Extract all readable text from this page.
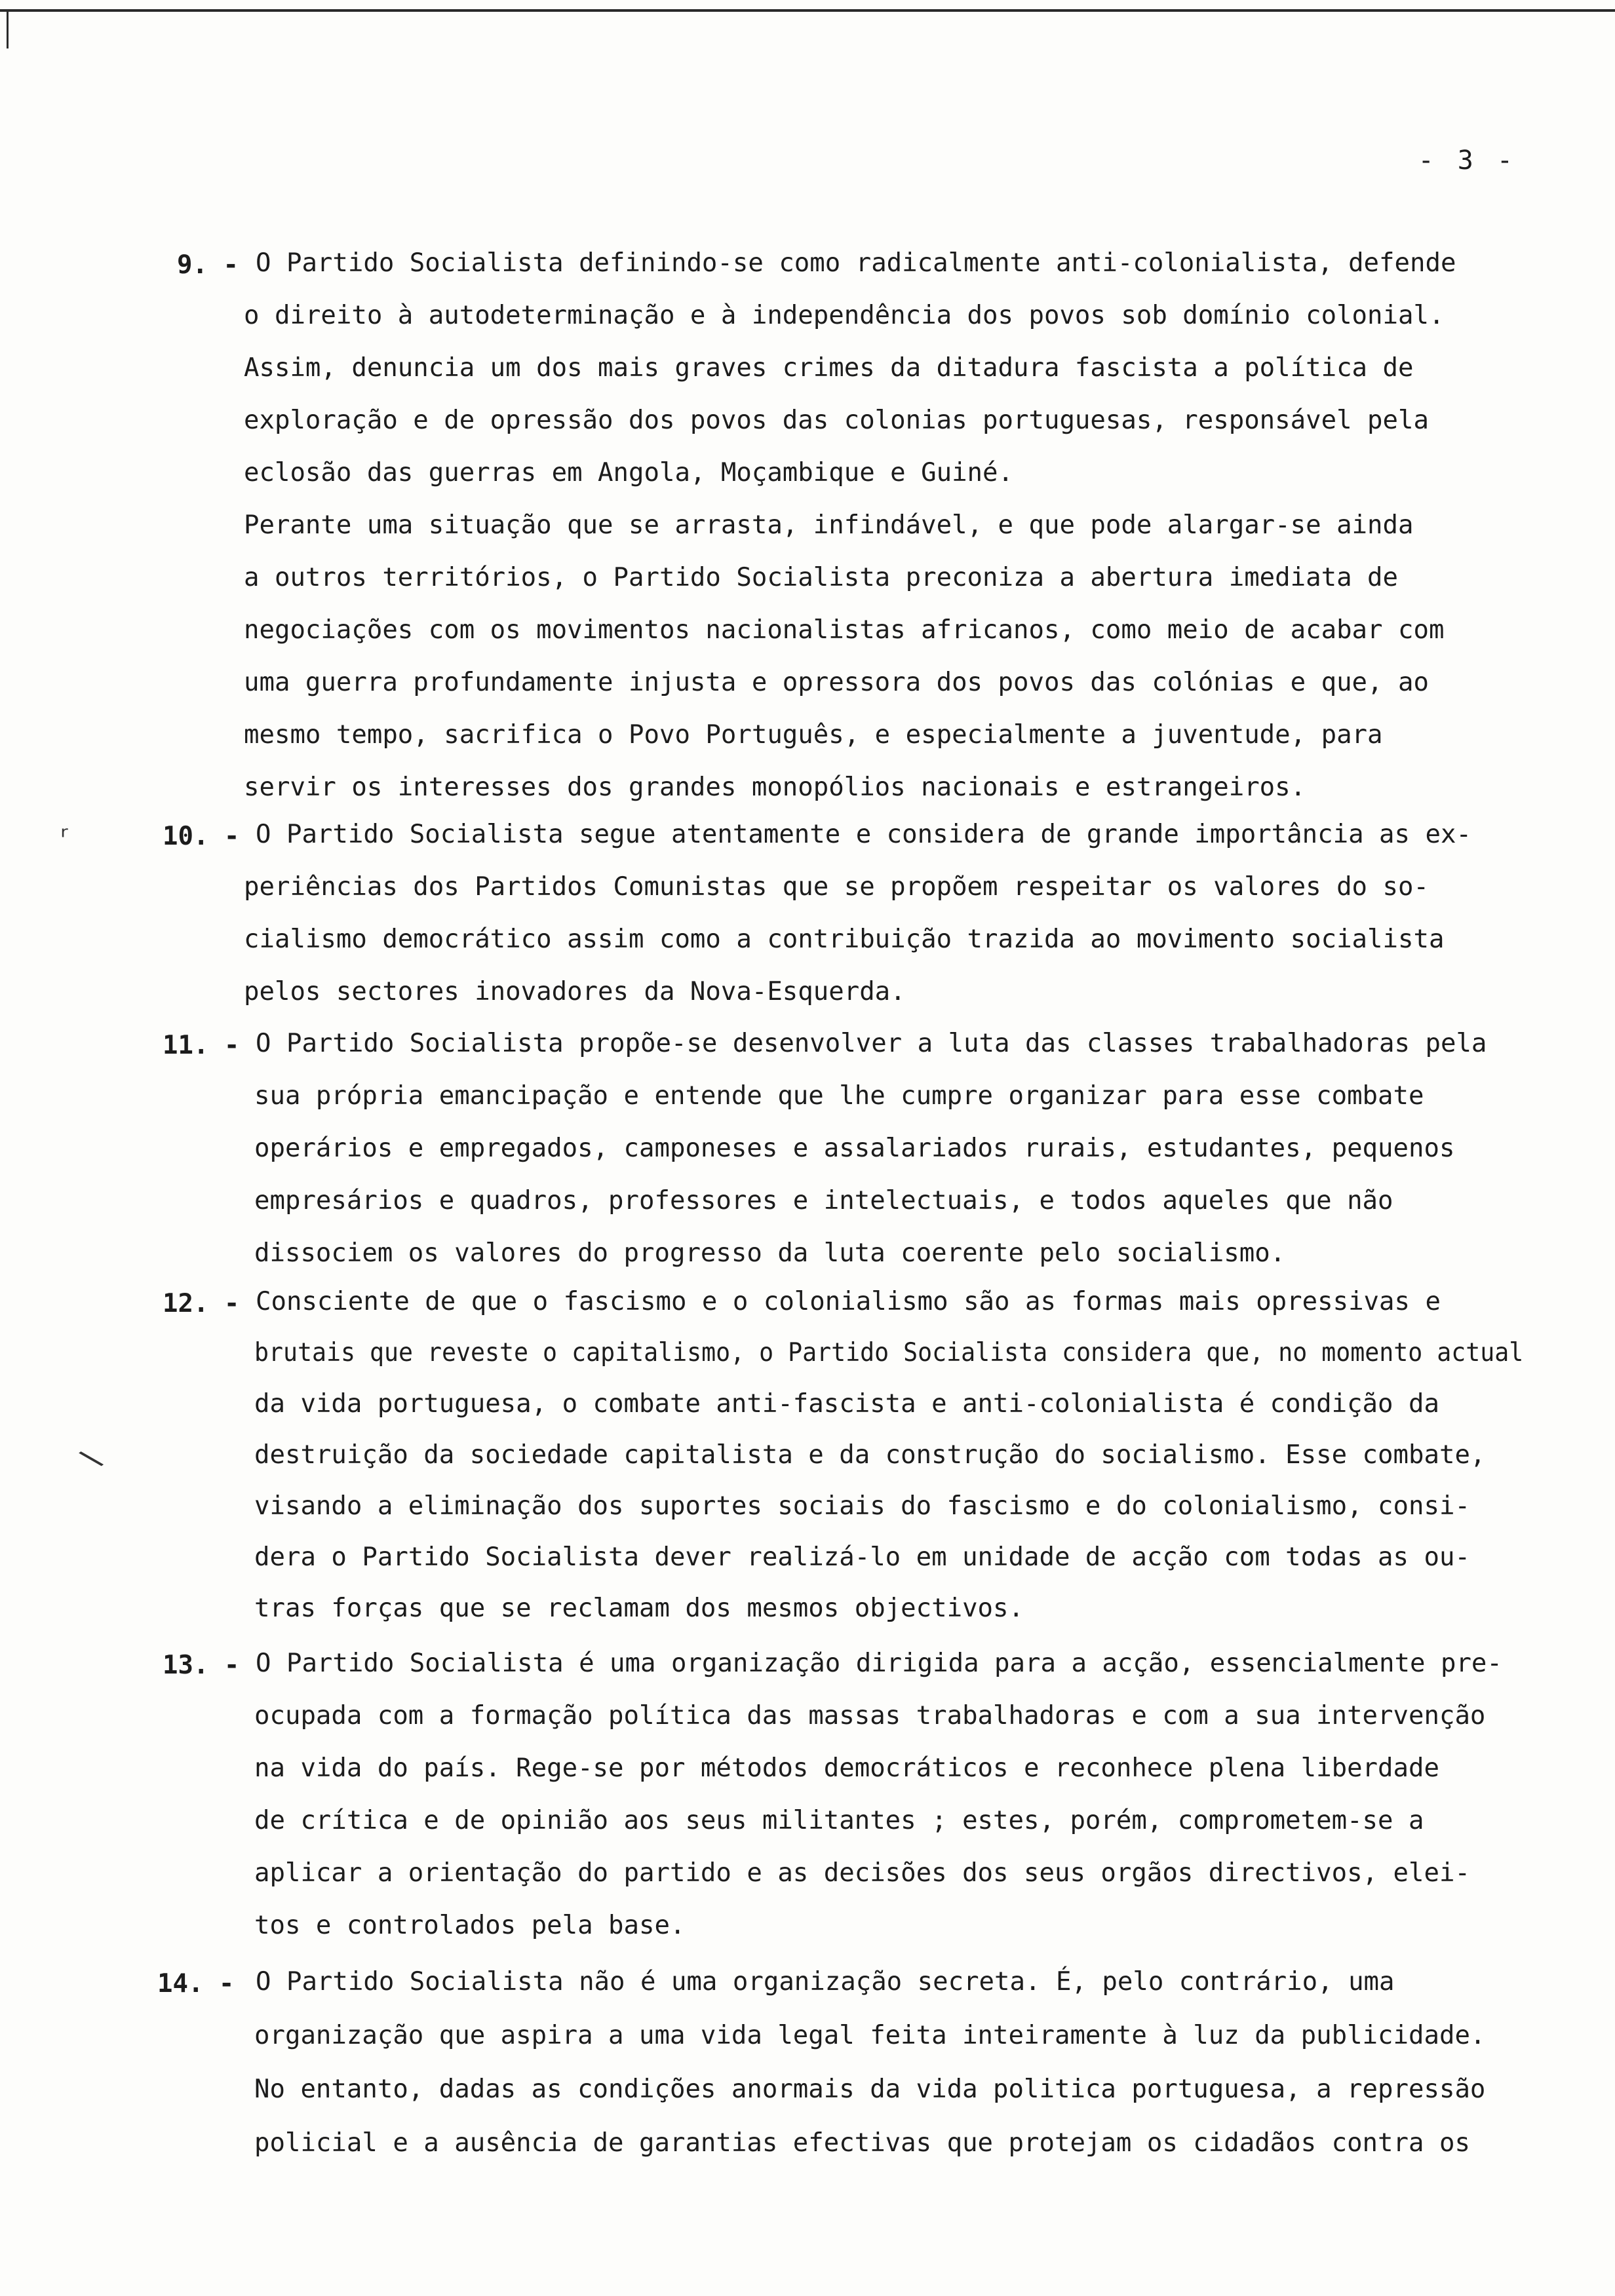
- 3 -
ʳ
\
9. - O Partido Socialista definindo-se como radicalmente anti-colonialista, defende
o direito à autodeterminação e à independência dos povos sob domínio colonial.
Assim, denuncia um dos mais graves crimes da ditadura fascista a política de
exploração e de opressão dos povos das colonias portuguesas, responsável pela
eclosão das guerras em Angola, Moçambique e Guiné.
Perante uma situação que se arrasta, infindável, e que pode alargar-se ainda
a outros territórios, o Partido Socialista preconiza a abertura imediata de
negociações com os movimentos nacionalistas africanos, como meio de acabar com
uma guerra profundamente injusta e opressora dos povos das colónias e que, ao
mesmo tempo, sacrifica o Povo Português, e especialmente a juventude, para
servir os interesses dos grandes monopólios nacionais e estrangeiros.
10. - O Partido Socialista segue atentamente e considera de grande importância as ex-
periências dos Partidos Comunistas que se propõem respeitar os valores do so-
cialismo democrático assim como a contribuição trazida ao movimento socialista
pelos sectores inovadores da Nova-Esquerda.
11. - O Partido Socialista propõe-se desenvolver a luta das classes trabalhadoras pela
sua própria emancipação e entende que lhe cumpre organizar para esse combate
operários e empregados, camponeses e assalariados rurais, estudantes, pequenos
empresários e quadros, professores e intelectuais, e todos aqueles que não
dissociem os valores do progresso da luta coerente pelo socialismo.
12. - Consciente de que o fascismo e o colonialismo são as formas mais opressivas e
brutais que reveste o capitalismo, o Partido Socialista considera que, no momento actual
da vida portuguesa, o combate anti-fascista e anti-colonialista é condição da
destruição da sociedade capitalista e da construção do socialismo. Esse combate,
visando a eliminação dos suportes sociais do fascismo e do colonialismo, consi-
dera o Partido Socialista dever realizá-lo em unidade de acção com todas as ou-
tras forças que se reclamam dos mesmos objectivos.
13. - O Partido Socialista é uma organização dirigida para a acção, essencialmente pre-
ocupada com a formação política das massas trabalhadoras e com a sua intervenção
na vida do país. Rege-se por métodos democráticos e reconhece plena liberdade
de crítica e de opinião aos seus militantes ; estes, porém, comprometem-se a
aplicar a orientação do partido e as decisões dos seus orgãos directivos, elei-
tos e controlados pela base.
14. - O Partido Socialista não é uma organização secreta. É, pelo contrário, uma
organização que aspira a uma vida legal feita inteiramente à luz da publicidade.
No entanto, dadas as condições anormais da vida politica portuguesa, a repressão
policial e a ausência de garantias efectivas que protejam os cidadãos contra os
